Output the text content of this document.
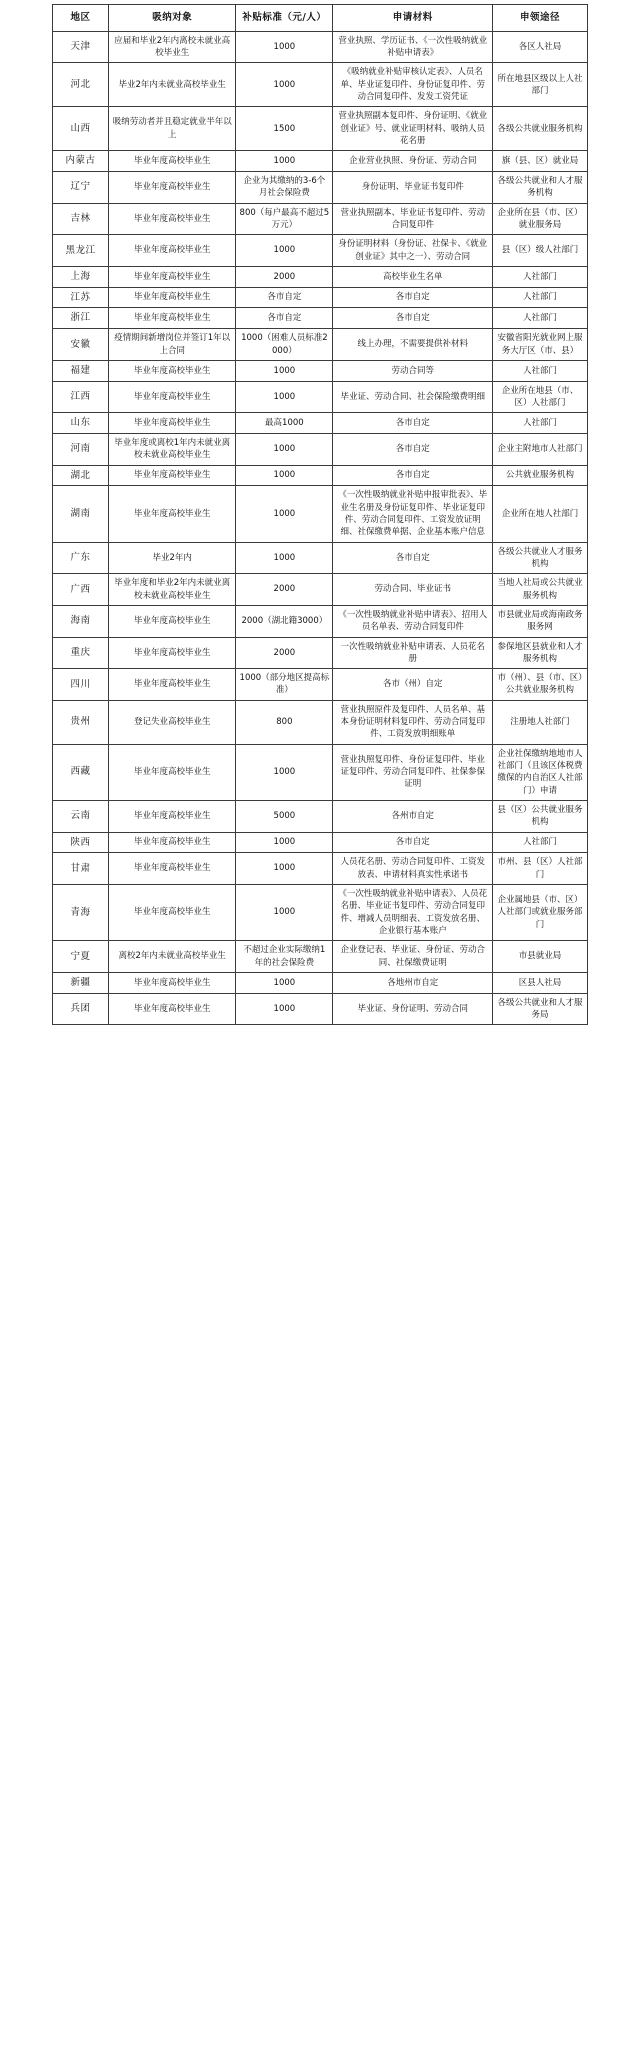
地区	吸纳对象	补贴标准（元/人）	申请材料	申领途径
天津	应届和毕业2年内离校未就业高校毕业生	1000	营业执照、学历证书、《一次性吸纳就业补贴申请表》	各区人社局
河北	毕业2年内未就业高校毕业生	1000	《吸纳就业补贴审核认定表》、人员名单、毕业证复印件、身份证复印件、劳动合同复印件、发发工资凭证	所在地县区级以上人社部门
山西	吸纳劳动者并且稳定就业半年以上	1500	营业执照副本复印件、身份证明、《就业创业证》号、就业证明材料、吸纳人员花名册	各级公共就业服务机构
内蒙古	毕业年度高校毕业生	1000	企业营业执照、身份证、劳动合同	旗（县、区）就业局
辽宁	毕业年度高校毕业生	企业为其缴纳的3-6个月社会保险费	身份证明、毕业证书复印件	各级公共就业和人才服务机构
吉林	毕业年度高校毕业生	800（每户最高不超过5万元）	营业执照副本、毕业证书复印件、劳动合同复印件	企业所在县（市、区）就业服务局
黑龙江	毕业年度高校毕业生	1000	身份证明材料（身份证、社保卡、《就业创业证》其中之一）、劳动合同	县（区）级人社部门
上海	毕业年度高校毕业生	2000	高校毕业生名单	人社部门
江苏	毕业年度高校毕业生	各市自定	各市自定	人社部门
浙江	毕业年度高校毕业生	各市自定	各市自定	人社部门
安徽	疫情期间新增岗位并签订1年以上合同	1000（困难人员标准2000）	线上办理，不需要提供补材料	安徽省阳光就业网上服务大厅区（市、县）
福建	毕业年度高校毕业生	1000	劳动合同等	人社部门
江西	毕业年度高校毕业生	1000	毕业证、劳动合同、社会保险缴费明细	企业所在地县（市、区）人社部门
山东	毕业年度高校毕业生	最高1000	各市自定	人社部门
河南	毕业年度或离校1年内未就业离校未就业高校毕业生	1000	各市自定	企业主附地市人社部门
湖北	毕业年度高校毕业生	1000	各市自定	公共就业服务机构
湖南	毕业年度高校毕业生	1000	《一次性吸纳就业补贴申报审批表》、毕业生名册及身份证复印件、毕业证复印件、劳动合同复印件、工资发放证明细、社保缴费单据、企业基本账户信息	企业所在地人社部门
广东	毕业2年内	1000	各市自定	各级公共就业人才服务机构
广西	毕业年度和毕业2年内未就业离校未就业高校毕业生	2000	劳动合同、毕业证书	当地人社局或公共就业服务机构
海南	毕业年度高校毕业生	2000（湖北籍3000）	《一次性吸纳就业补贴申请表》、招用人员名单表、劳动合同复印件	市县就业局或海南政务服务网
重庆	毕业年度高校毕业生	2000	一次性吸纳就业补贴申请表、人员花名册	参保地区县就业和人才服务机构
四川	毕业年度高校毕业生	1000（部分地区提高标准）	各市（州）自定	市（州）、县（市、区）公共就业服务机构
贵州	登记失业高校毕业生	800	营业执照原件及复印件、人员名单、基本身份证明材料复印件、劳动合同复印件、工资发放明细账单	注册地人社部门
西藏	毕业年度高校毕业生	1000	营业执照复印件、身份证复印件、毕业证复印件、劳动合同复印件、社保参保证明	企业社保缴纳地地市人社部门（且该区体税费缴保的内自治区人社部门）申请
云南	毕业年度高校毕业生	5000	各州市自定	县（区）公共就业服务机构
陕西	毕业年度高校毕业生	1000	各市自定	人社部门
甘肃	毕业年度高校毕业生	1000	人员花名册、劳动合同复印件、工资发放表、申请材料真实性承诺书	市州、县（区）人社部门
青海	毕业年度高校毕业生	1000	《一次性吸纳就业补贴申请表》、人员花名册、毕业证书复印件、劳动合同复印件、增减人员明细表、工资发放名册、企业银行基本账户	企业属地县（市、区）人社部门或就业服务部门
宁夏	离校2年内未就业高校毕业生	不超过企业实际缴纳1年的社会保险费	企业登记表、毕业证、身份证、劳动合同、社保缴费证明	市县就业局
新疆	毕业年度高校毕业生	1000	各地州市自定	区县人社局
兵团	毕业年度高校毕业生	1000	毕业证、身份证明、劳动合同	各级公共就业和人才服务局
